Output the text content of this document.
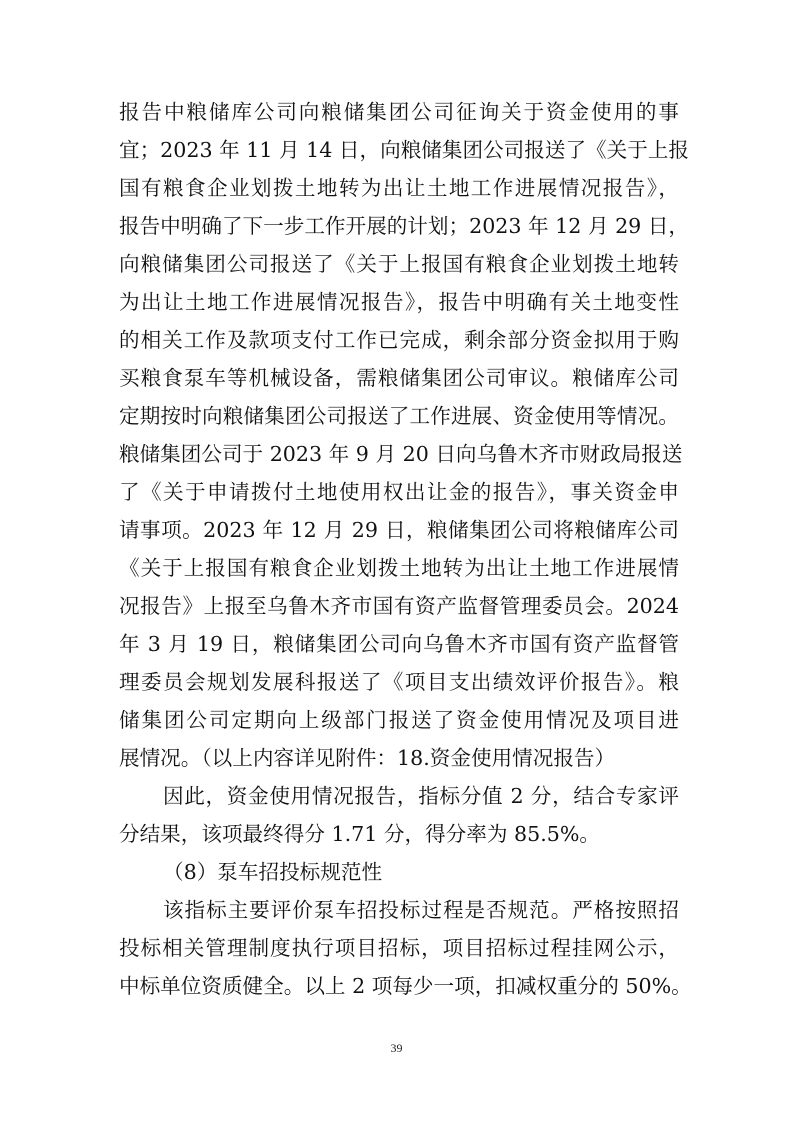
报告中粮储库公司向粮储集团公司征询关于资金使用的事
宜；2023 年 11 月 14 日，向粮储集团公司报送了《关于上报
国有粮食企业划拨土地转为出让土地工作进展情况报告》，
报告中明确了下一步工作开展的计划；2023 年 12 月 29 日，
向粮储集团公司报送了《关于上报国有粮食企业划拨土地转
为出让土地工作进展情况报告》，报告中明确有关土地变性
的相关工作及款项支付工作已完成，剩余部分资金拟用于购
买粮食泵车等机械设备，需粮储集团公司审议。粮储库公司
定期按时向粮储集团公司报送了工作进展、资金使用等情况。
粮储集团公司于 2023 年 9 月 20 日向乌鲁木齐市财政局报送
了《关于申请拨付土地使用权出让金的报告》，事关资金申
请事项。2023 年 12 月 29 日，粮储集团公司将粮储库公司
《关于上报国有粮食企业划拨土地转为出让土地工作进展情
况报告》上报至乌鲁木齐市国有资产监督管理委员会。2024
年 3 月 19 日，粮储集团公司向乌鲁木齐市国有资产监督管
理委员会规划发展科报送了《项目支出绩效评价报告》。粮
储集团公司定期向上级部门报送了资金使用情况及项目进
展情况。（以上内容详见附件：18.资金使用情况报告）
因此，资金使用情况报告，指标分值 2 分，结合专家评
分结果，该项最终得分 1.71 分，得分率为 85.5%。
（8）泵车招投标规范性
该指标主要评价泵车招投标过程是否规范。严格按照招
投标相关管理制度执行项目招标，项目招标过程挂网公示，
中标单位资质健全。以上 2 项每少一项，扣减权重分的 50%。
39
